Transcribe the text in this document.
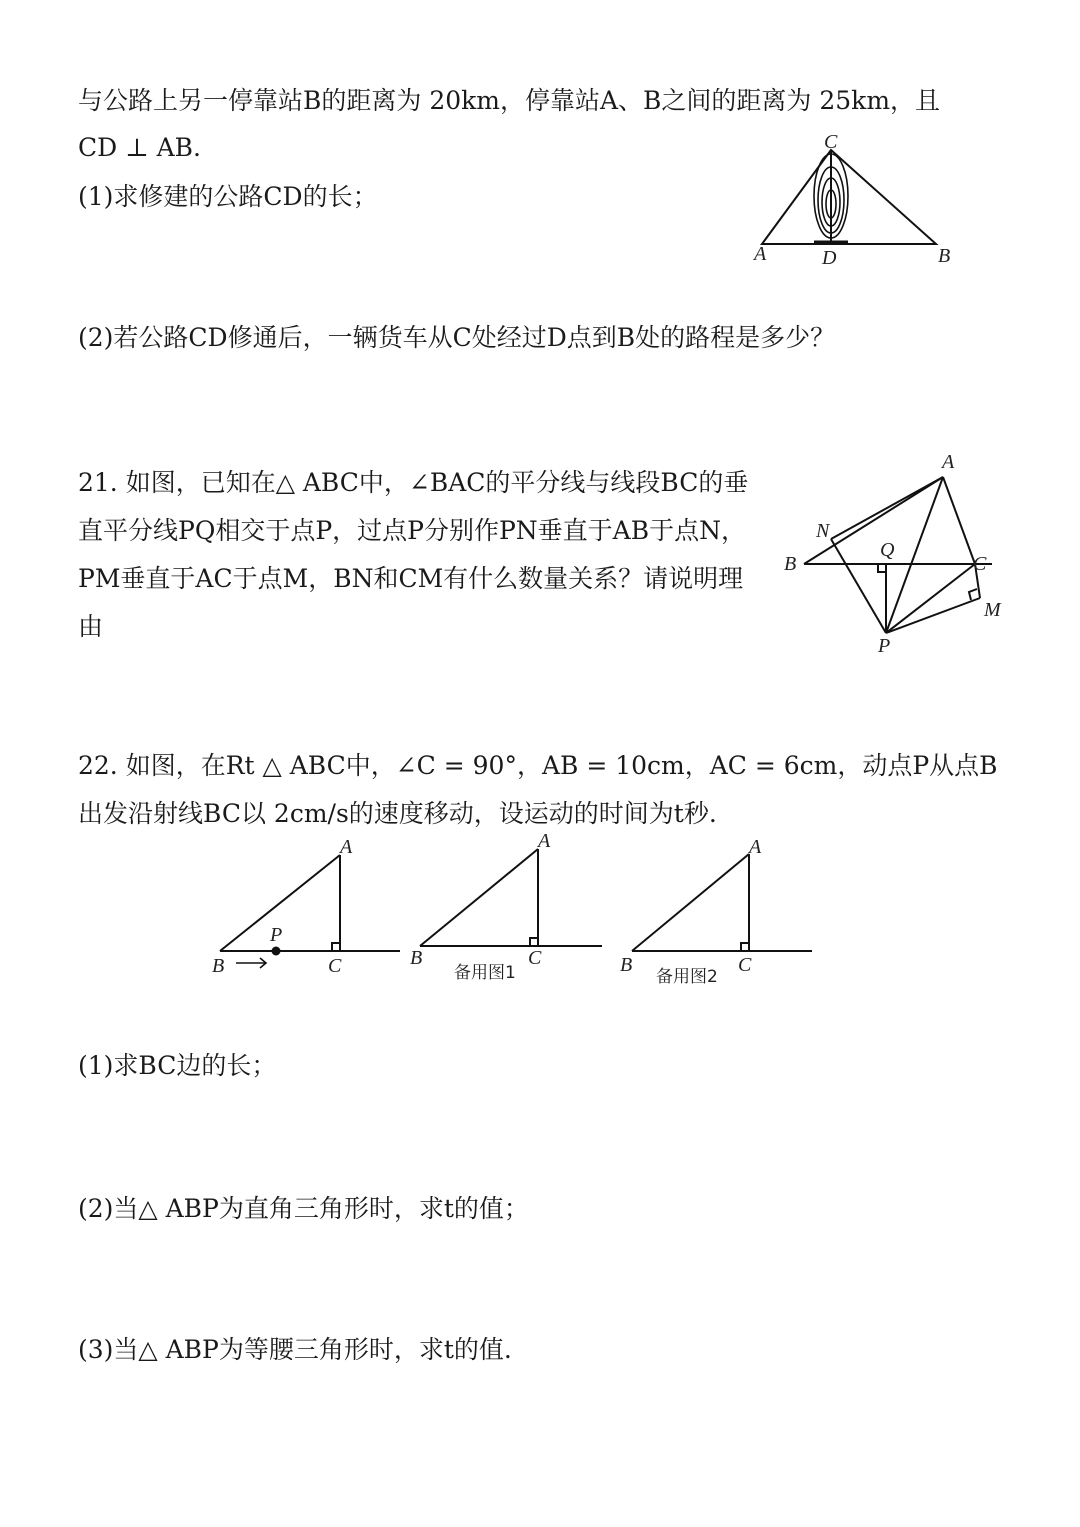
与公路上另一停靠站B的距离为 20km，停靠站A、B之间的距离为 25km，且
CD ⊥ AB.
(1)求修建的公路CD的长；
A	D	B
C
(2)若公路CD修通后，一辆货车从C处经过D点到B处的路程是多少？
21. 如图，已知在△ ABC中，∠BAC的平分线与线段BC的垂
直平分线PQ相交于点P，过点P分别作PN垂直于AB于点N，
PM垂直于AC于点M，BN和CM有什么数量关系？请说明理
由
A
N
Q
B	C
M
P
22. 如图，在Rt △ ABC中，∠C = 90°，AB = 10cm，AC = 6cm，动点P从点B
出发沿射线BC以 2cm/s的速度移动，设运动的时间为t秒.
B	C
A
P
B	C
A
备用图1	B	C
A
备用图2
(1)求BC边的长；
(2)当△ ABP为直角三角形时，求t的值；
(3)当△ ABP为等腰三角形时，求t的值.
